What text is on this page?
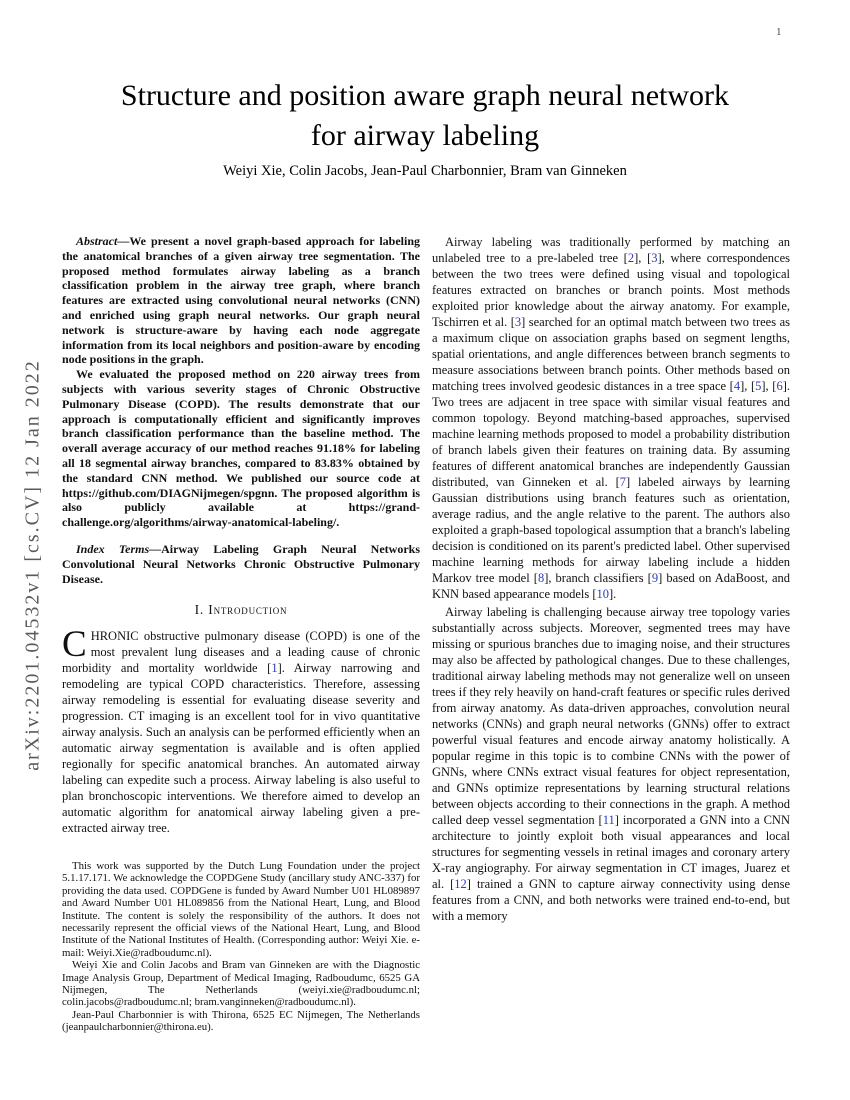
1
arXiv:2201.04532v1 [cs.CV] 12 Jan 2022
Structure and position aware graph neural network
for airway labeling
Weiyi Xie, Colin Jacobs, Jean-Paul Charbonnier, Bram van Ginneken

Abstract—We present a novel graph-based approach for labeling the anatomical branches of a given airway tree segmentation. The proposed method formulates airway labeling as a branch classification problem in the airway tree graph, where branch features are extracted using convolutional neural networks (CNN) and enriched using graph neural networks. Our graph neural network is structure-aware by having each node aggregate information from its local neighbors and position-aware by encoding node positions in the graph.

We evaluated the proposed method on 220 airway trees from subjects with various severity stages of Chronic Obstructive Pulmonary Disease (COPD). The results demonstrate that our approach is computationally efficient and significantly improves branch classification performance than the baseline method. The overall average accuracy of our method reaches 91.18% for labeling all 18 segmental airway branches, compared to 83.83% obtained by the standard CNN method. We published our source code at https://github.com/DIAGNijmegen/spgnn. The proposed algorithm is also publicly available at https://grand-challenge.org/algorithms/airway-anatomical-labeling/.

Index Terms—Airway Labeling Graph Neural Networks Convolutional Neural Networks Chronic Obstructive Pulmonary Disease.

I. Introduction

CHRONIC obstructive pulmonary disease (COPD) is one of the most prevalent lung diseases and a leading cause of chronic morbidity and mortality worldwide [1]. Airway narrowing and remodeling are typical COPD characteristics. Therefore, assessing airway remodeling is essential for evaluating disease severity and progression. CT imaging is an excellent tool for in vivo quantitative airway analysis. Such an analysis can be performed efficiently when an automatic airway segmentation is available and is often applied regionally for specific anatomical branches. An automated airway labeling can expedite such a process. Airway labeling is also useful to plan bronchoscopic interventions. We therefore aimed to develop an automatic algorithm for anatomical airway labeling given a pre-extracted airway tree.

This work was supported by the Dutch Lung Foundation under the project 5.1.17.171. We acknowledge the COPDGene Study (ancillary study ANC-337) for providing the data used. COPDGene is funded by Award Number U01 HL089897 and Award Number U01 HL089856 from the National Heart, Lung, and Blood Institute. The content is solely the responsibility of the authors. It does not necessarily represent the official views of the National Heart, Lung, and Blood Institute of the National Institutes of Health. (Corresponding author: Weiyi Xie. e-mail: Weiyi.Xie@radboudumc.nl).

Weiyi Xie and Colin Jacobs and Bram van Ginneken are with the Diagnostic Image Analysis Group, Department of Medical Imaging, Radboudumc, 6525 GA Nijmegen, The Netherlands (weiyi.xie@radboudumc.nl; colin.jacobs@radboudumc.nl; bram.vanginneken@radboudumc.nl).

Jean-Paul Charbonnier is with Thirona, 6525 EC Nijmegen, The Netherlands (jeanpaulcharbonnier@thirona.eu).

Airway labeling was traditionally performed by matching an unlabeled tree to a pre-labeled tree [2], [3], where correspondences between the two trees were defined using visual and topological features extracted on branches or branch points. Most methods exploited prior knowledge about the airway anatomy. For example, Tschirren et al. [3] searched for an optimal match between two trees as a maximum clique on association graphs based on segment lengths, spatial orientations, and angle differences between branch segments to measure associations between branch points. Other methods based on matching trees involved geodesic distances in a tree space [4], [5], [6]. Two trees are adjacent in tree space with similar visual features and common topology. Beyond matching-based approaches, supervised machine learning methods proposed to model a probability distribution of branch labels given their features on training data. By assuming features of different anatomical branches are independently Gaussian distributed, van Ginneken et al. [7] labeled airways by learning Gaussian distributions using branch features such as orientation, average radius, and the angle relative to the parent. The authors also exploited a graph-based topological assumption that a branch's labeling decision is conditioned on its parent's predicted label. Other supervised machine learning methods for airway labeling include a hidden Markov tree model [8], branch classifiers [9] based on AdaBoost, and KNN based appearance models [10].

Airway labeling is challenging because airway tree topology varies substantially across subjects. Moreover, segmented trees may have missing or spurious branches due to imaging noise, and their structures may also be affected by pathological changes. Due to these challenges, traditional airway labeling methods may not generalize well on unseen trees if they rely heavily on hand-craft features or specific rules derived from airway anatomy. As data-driven approaches, convolution neural networks (CNNs) and graph neural networks (GNNs) offer to extract powerful visual features and encode airway anatomy holistically. A popular regime in this topic is to combine CNNs with the power of GNNs, where CNNs extract visual features for object representation, and GNNs optimize representations by learning structural relations between objects according to their connections in the graph. A method called deep vessel segmentation [11] incorporated a GNN into a CNN architecture to jointly exploit both visual appearances and local structures for segmenting vessels in retinal images and coronary artery X-ray angiography. For airway segmentation in CT images, Juarez et al. [12] trained a GNN to capture airway connectivity using dense features from a CNN, and both networks were trained end-to-end, but with a memory
